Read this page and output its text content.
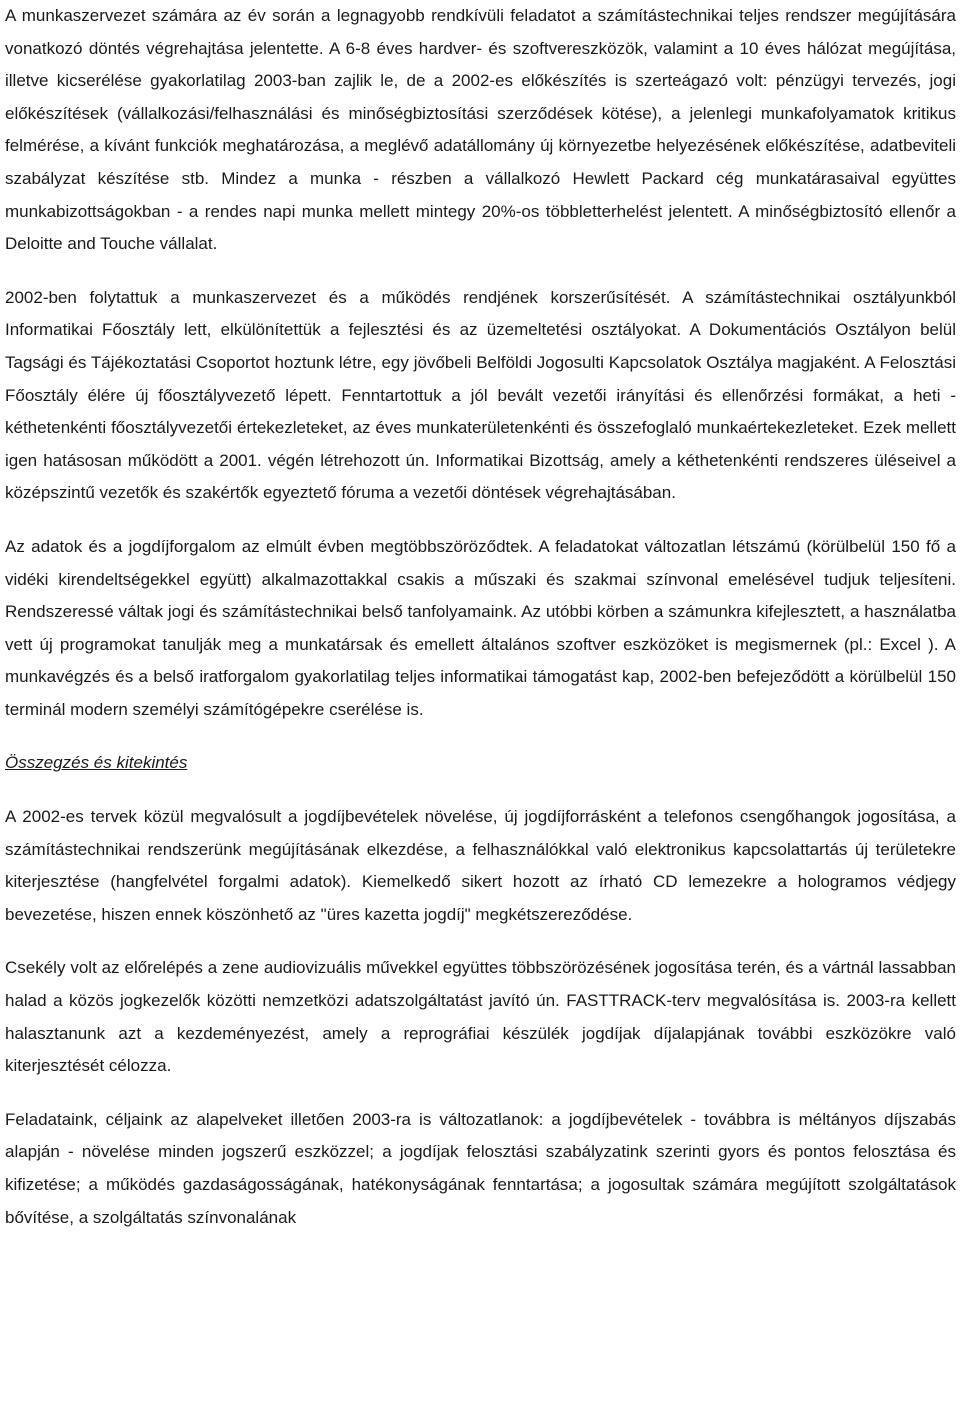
A munkaszervezet számára az év során a legnagyobb rendkívüli feladatot a számítástechnikai teljes rendszer megújítására vonatkozó döntés végrehajtása jelentette. A 6-8 éves hardver- és szoftvereszközök, valamint a 10 éves hálózat megújítása, illetve kicserélése gyakorlatilag 2003-ban zajlik le, de a 2002-es előkészítés is szerteágazó volt: pénzügyi tervezés, jogi előkészítések (vállalkozási/felhasználási és minőségbiztosítási szerződések kötése), a jelenlegi munkafolyamatok kritikus felmérése, a kívánt funkciók meghatározása, a meglévő adatállomány új környezetbe helyezésének előkészítése, adatbeviteli szabályzat készítése stb. Mindez a munka - részben a vállalkozó Hewlett Packard cég munkatárasaival együttes munkabizottságokban - a rendes napi munka mellett mintegy 20%-os többletterhelést jelentett. A minőségbiztosító ellenőr a Deloitte and Touche vállalat.

2002-ben folytattuk a munkaszervezet és a működés rendjének korszerűsítését. A számítástechnikai osztályunkból Informatikai Főosztály lett, elkülönítettük a fejlesztési és az üzemeltetési osztályokat. A Dokumentációs Osztályon belül Tagsági és Tájékoztatási Csoportot hoztunk létre, egy jövőbeli Belföldi Jogosulti Kapcsolatok Osztálya magjaként. A Felosztási Főosztály élére új főosztályvezető lépett. Fenntartottuk a jól bevált vezetői irányítási és ellenőrzési formákat, a heti - kéthetenkénti főosztályvezetői értekezleteket, az éves munkaterületenkénti és összefoglaló munkaértekezleteket. Ezek mellett igen hatásosan működött a 2001. végén létrehozott ún. Informatikai Bizottság, amely a kéthetenkénti rendszeres üléseivel a középszintű vezetők és szakértők egyeztető fóruma a vezetői döntések végrehajtásában.

Az adatok és a jogdíjforgalom az elmúlt évben megtöbbszöröződtek. A feladatokat változatlan létszámú (körülbelül 150 fő a vidéki kirendeltségekkel együtt) alkalmazottakkal csakis a műszaki és szakmai színvonal emelésével tudjuk teljesíteni. Rendszeressé váltak jogi és számítástechnikai belső tanfolyamaink. Az utóbbi körben a számunkra kifejlesztett, a használatba vett új programokat tanulják meg a munkatársak és emellett általános szoftver eszközöket is megismernek (pl.: Excel ). A munkavégzés és a belső iratforgalom gyakorlatilag teljes informatikai támogatást kap, 2002-ben befejeződött a körülbelül 150 terminál modern személyi számítógépekre cserélése is.

Összegzés és kitekintés

A 2002-es tervek közül megvalósult a jogdíjbevételek növelése, új jogdíjforrásként a telefonos csengőhangok jogosítása, a számítástechnikai rendszerünk megújításának elkezdése, a felhasználókkal való elektronikus kapcsolattartás új területekre kiterjesztése (hangfelvétel forgalmi adatok). Kiemelkedő sikert hozott az írható CD lemezekre a hologramos védjegy bevezetése, hiszen ennek köszönhető az "üres kazetta jogdíj" megkétszereződése.

Csekély volt az előrelépés a zene audiovizuális művekkel együttes többszörözésének jogosítása terén, és a vártnál lassabban halad a közös jogkezelők közötti nemzetközi adatszolgáltatást javító ún. FASTTRACK-terv megvalósítása is. 2003-ra kellett halasztanunk azt a kezdeményezést, amely a reprográfiai készülék jogdíjak díjalapjának további eszközökre való kiterjesztését célozza.

Feladataink, céljaink az alapelveket illetően 2003-ra is változatlanok: a jogdíjbevételek - továbbra is méltányos díjszabás alapján - növelése minden jogszerű eszközzel; a jogdíjak felosztási szabályzatink szerinti gyors és pontos felosztása és kifizetése; a működés gazdaságosságának, hatékonyságának fenntartása; a jogosultak számára megújított szolgáltatások bővítése, a szolgáltatás színvonalának
